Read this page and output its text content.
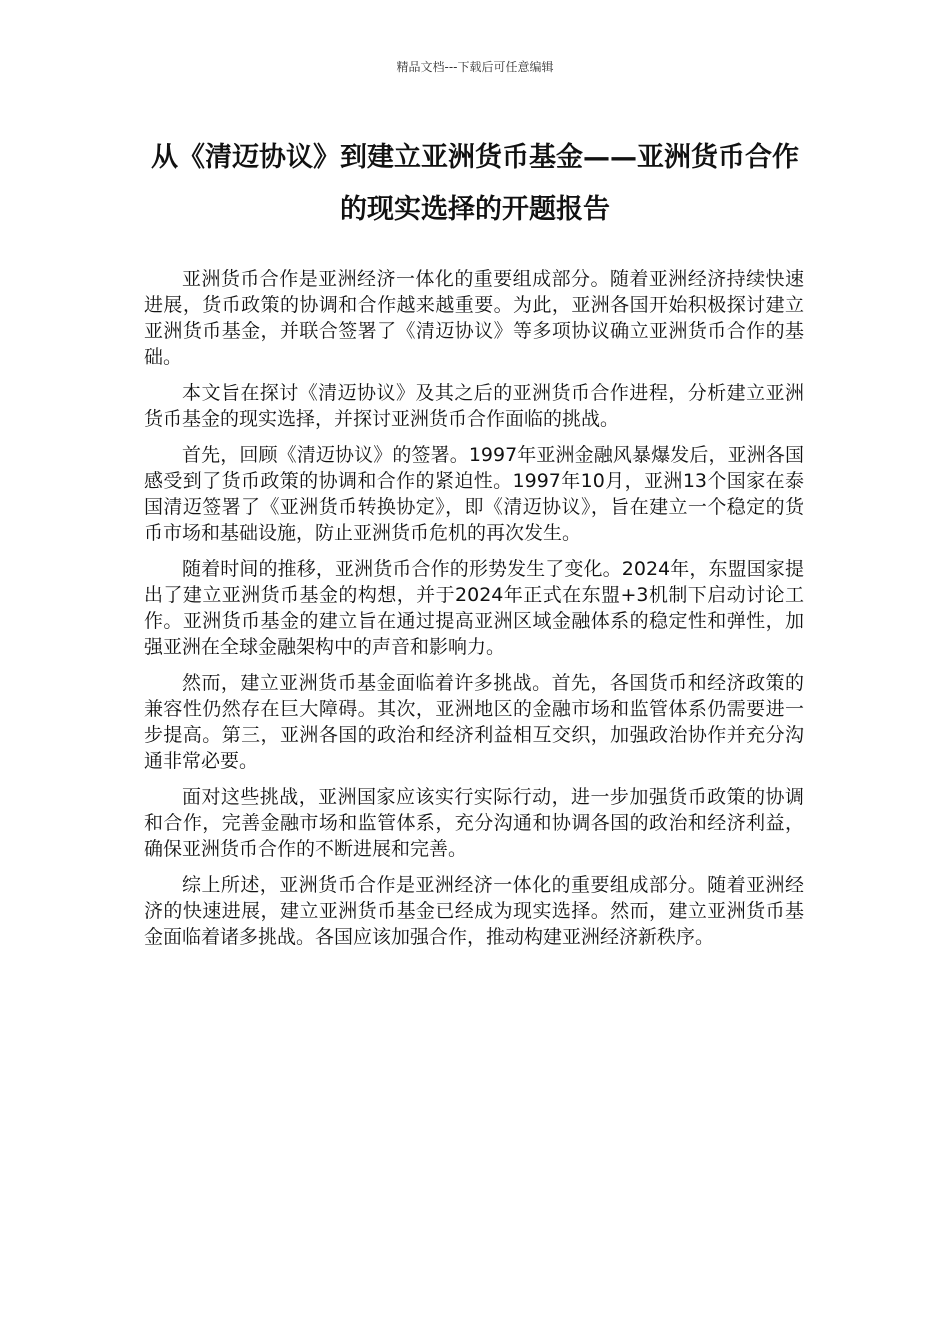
精品文档---下载后可任意编辑
从《清迈协议》到建立亚洲货币基金——亚洲货币合作的现实选择的开题报告

亚洲货币合作是亚洲经济一体化的重要组成部分。随着亚洲经济持续快速进展，货币政策的协调和合作越来越重要。为此，亚洲各国开始积极探讨建立亚洲货币基金，并联合签署了《清迈协议》等多项协议确立亚洲货币合作的基础。

本文旨在探讨《清迈协议》及其之后的亚洲货币合作进程，分析建立亚洲货币基金的现实选择，并探讨亚洲货币合作面临的挑战。

首先，回顾《清迈协议》的签署。1997年亚洲金融风暴爆发后，亚洲各国感受到了货币政策的协调和合作的紧迫性。1997年10月，亚洲13个国家在泰国清迈签署了《亚洲货币转换协定》，即《清迈协议》，旨在建立一个稳定的货币市场和基础设施，防止亚洲货币危机的再次发生。

随着时间的推移，亚洲货币合作的形势发生了变化。2024年，东盟国家提出了建立亚洲货币基金的构想，并于2024年正式在东盟+3机制下启动讨论工作。亚洲货币基金的建立旨在通过提高亚洲区域金融体系的稳定性和弹性，加强亚洲在全球金融架构中的声音和影响力。

然而，建立亚洲货币基金面临着许多挑战。首先，各国货币和经济政策的兼容性仍然存在巨大障碍。其次，亚洲地区的金融市场和监管体系仍需要进一步提高。第三，亚洲各国的政治和经济利益相互交织，加强政治协作并充分沟通非常必要。

面对这些挑战，亚洲国家应该实行实际行动，进一步加强货币政策的协调和合作，完善金融市场和监管体系，充分沟通和协调各国的政治和经济利益，确保亚洲货币合作的不断进展和完善。

综上所述，亚洲货币合作是亚洲经济一体化的重要组成部分。随着亚洲经济的快速进展，建立亚洲货币基金已经成为现实选择。然而，建立亚洲货币基金面临着诸多挑战。各国应该加强合作，推动构建亚洲经济新秩序。
